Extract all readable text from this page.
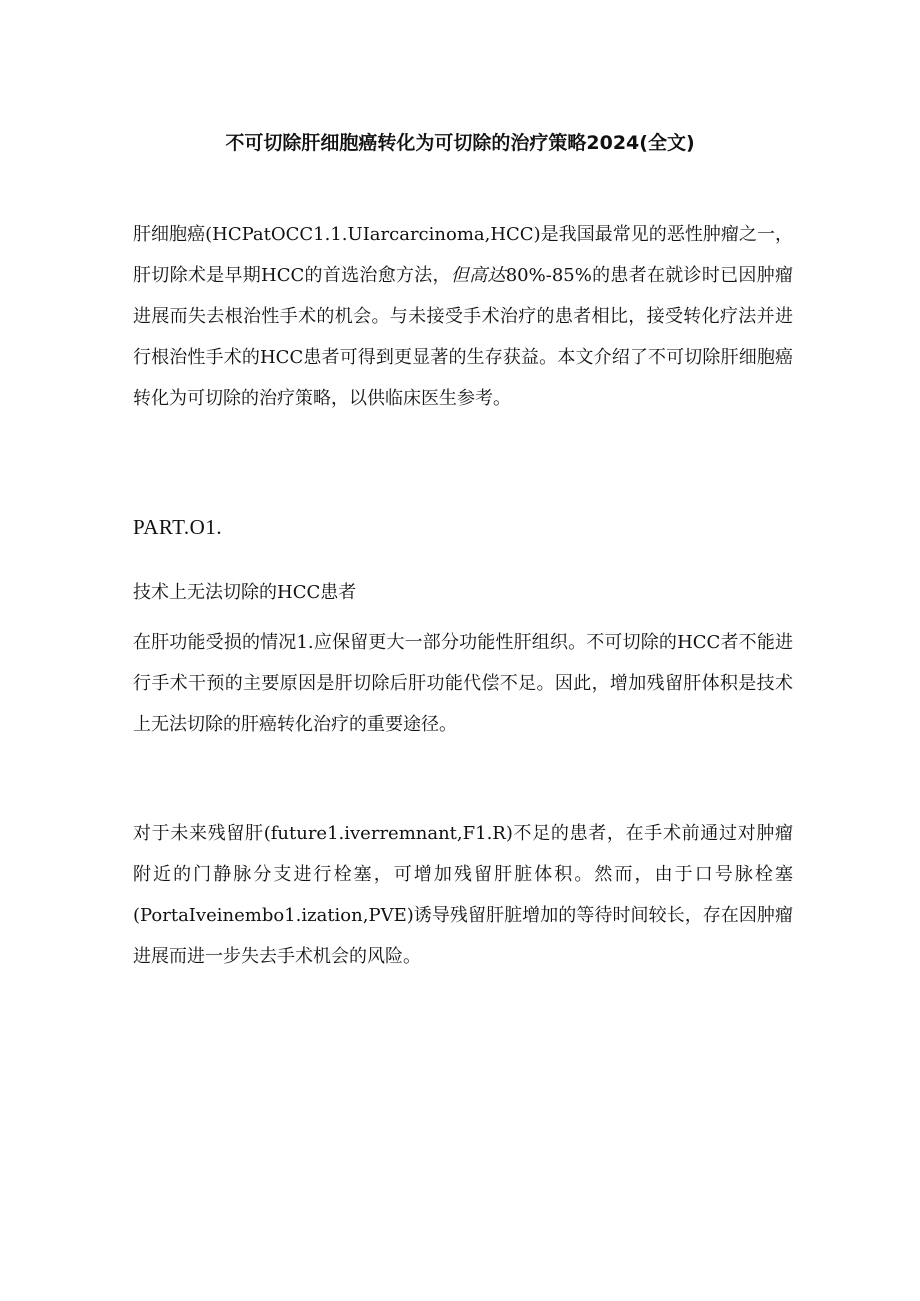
不可切除肝细胞癌转化为可切除的治疗策略2024(全文)
肝细胞癌(HCPatOCC1.1.UIarcarcinoma,HCC)是我国最常见的恶性肿瘤之一，肝切除术是早期HCC的首选治愈方法，但高达80%-85%的患者在就诊时已因肿瘤进展而失去根治性手术的机会。与未接受手术治疗的患者相比，接受转化疗法并进行根治性手术的HCC患者可得到更显著的生存获益。本文介绍了不可切除肝细胞癌转化为可切除的治疗策略，以供临床医生参考。
PART.O1.
技术上无法切除的HCC患者
在肝功能受损的情况1.应保留更大一部分功能性肝组织。不可切除的HCC者不能进行手术干预的主要原因是肝切除后肝功能代偿不足。因此，增加残留肝体积是技术上无法切除的肝癌转化治疗的重要途径。
对于未来残留肝(future1.iverremnant,F1.R)不足的患者，在手术前通过对肿瘤附近的门静脉分支进行栓塞，可增加残留肝脏体积。然而，由于口号脉栓塞(PortaIveinembo1.ization,PVE)诱导残留肝脏增加的等待时间较长，存在因肿瘤进展而进一步失去手术机会的风险。
